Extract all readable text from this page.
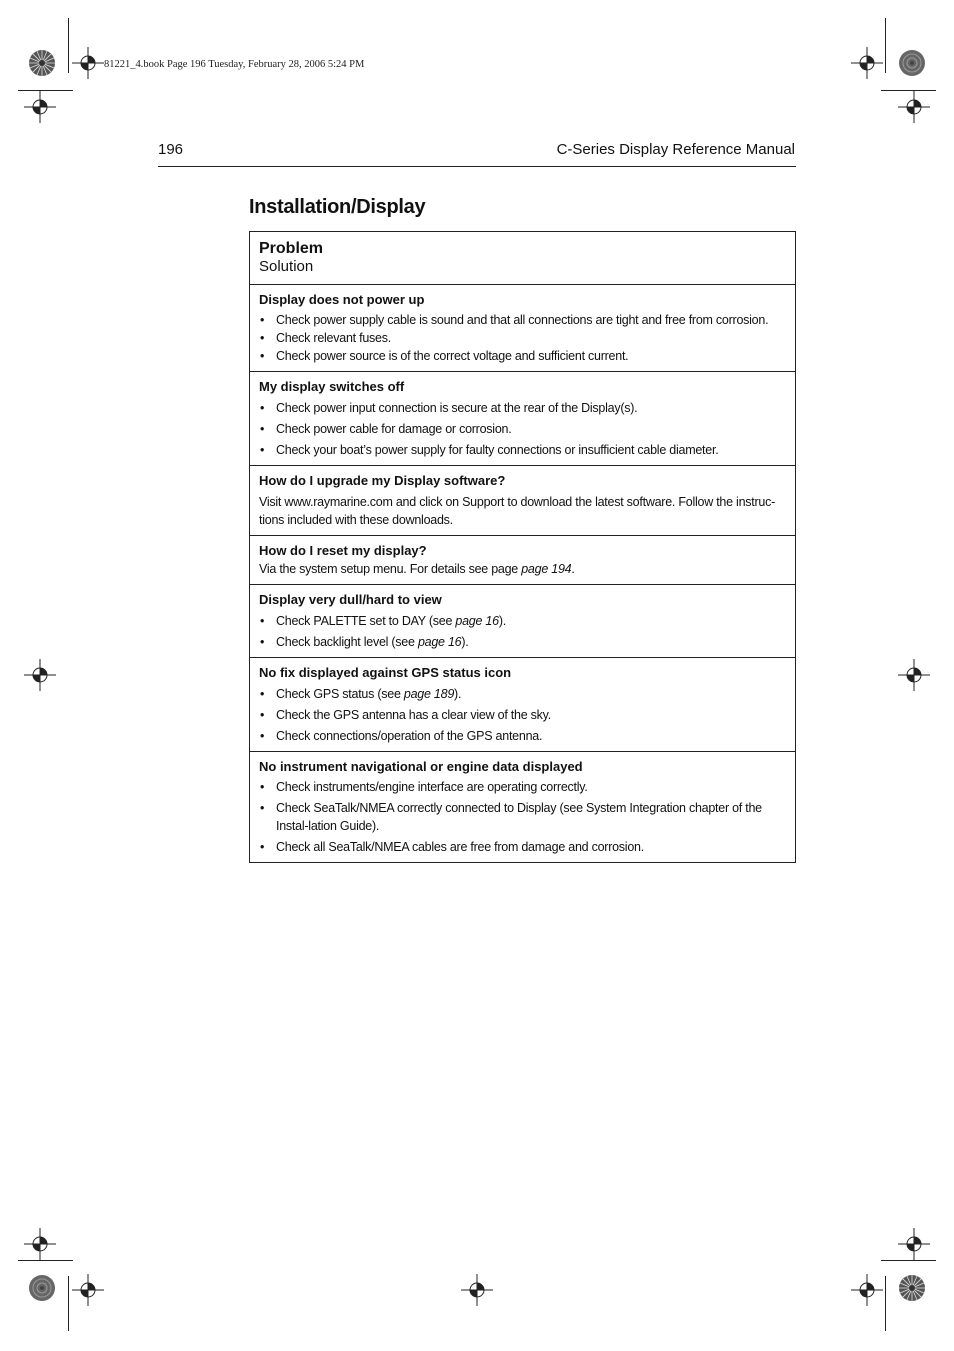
81221_4.book Page 196 Tuesday, February 28, 2006 5:24 PM
196	C-Series Display Reference Manual
Installation/Display
Problem
Solution
Display does not power up
• Check power supply cable is sound and that all connections are tight and free from corrosion.
• Check relevant fuses.
• Check power source is of the correct voltage and sufficient current.
My display switches off
• Check power input connection is secure at the rear of the Display(s).
• Check power cable for damage or corrosion.
• Check your boat’s power supply for faulty connections or insufficient cable diameter.
How do I upgrade my Display software?
Visit www.raymarine.com and click on Support to download the latest software. Follow the instruc-tions included with these downloads.
How do I reset my display?
Via the system setup menu. For details see page page 194.
Display very dull/hard to view
• Check PALETTE set to DAY (see page 16).
• Check backlight level (see page 16).
No fix displayed against GPS status icon
• Check GPS status (see page 189).
• Check the GPS antenna has a clear view of the sky.
• Check connections/operation of the GPS antenna.
No instrument navigational or engine data displayed
• Check instruments/engine interface are operating correctly.
• Check SeaTalk/NMEA correctly connected to Display (see System Integration chapter of the Instal-lation Guide).
• Check all SeaTalk/NMEA cables are free from damage and corrosion.
